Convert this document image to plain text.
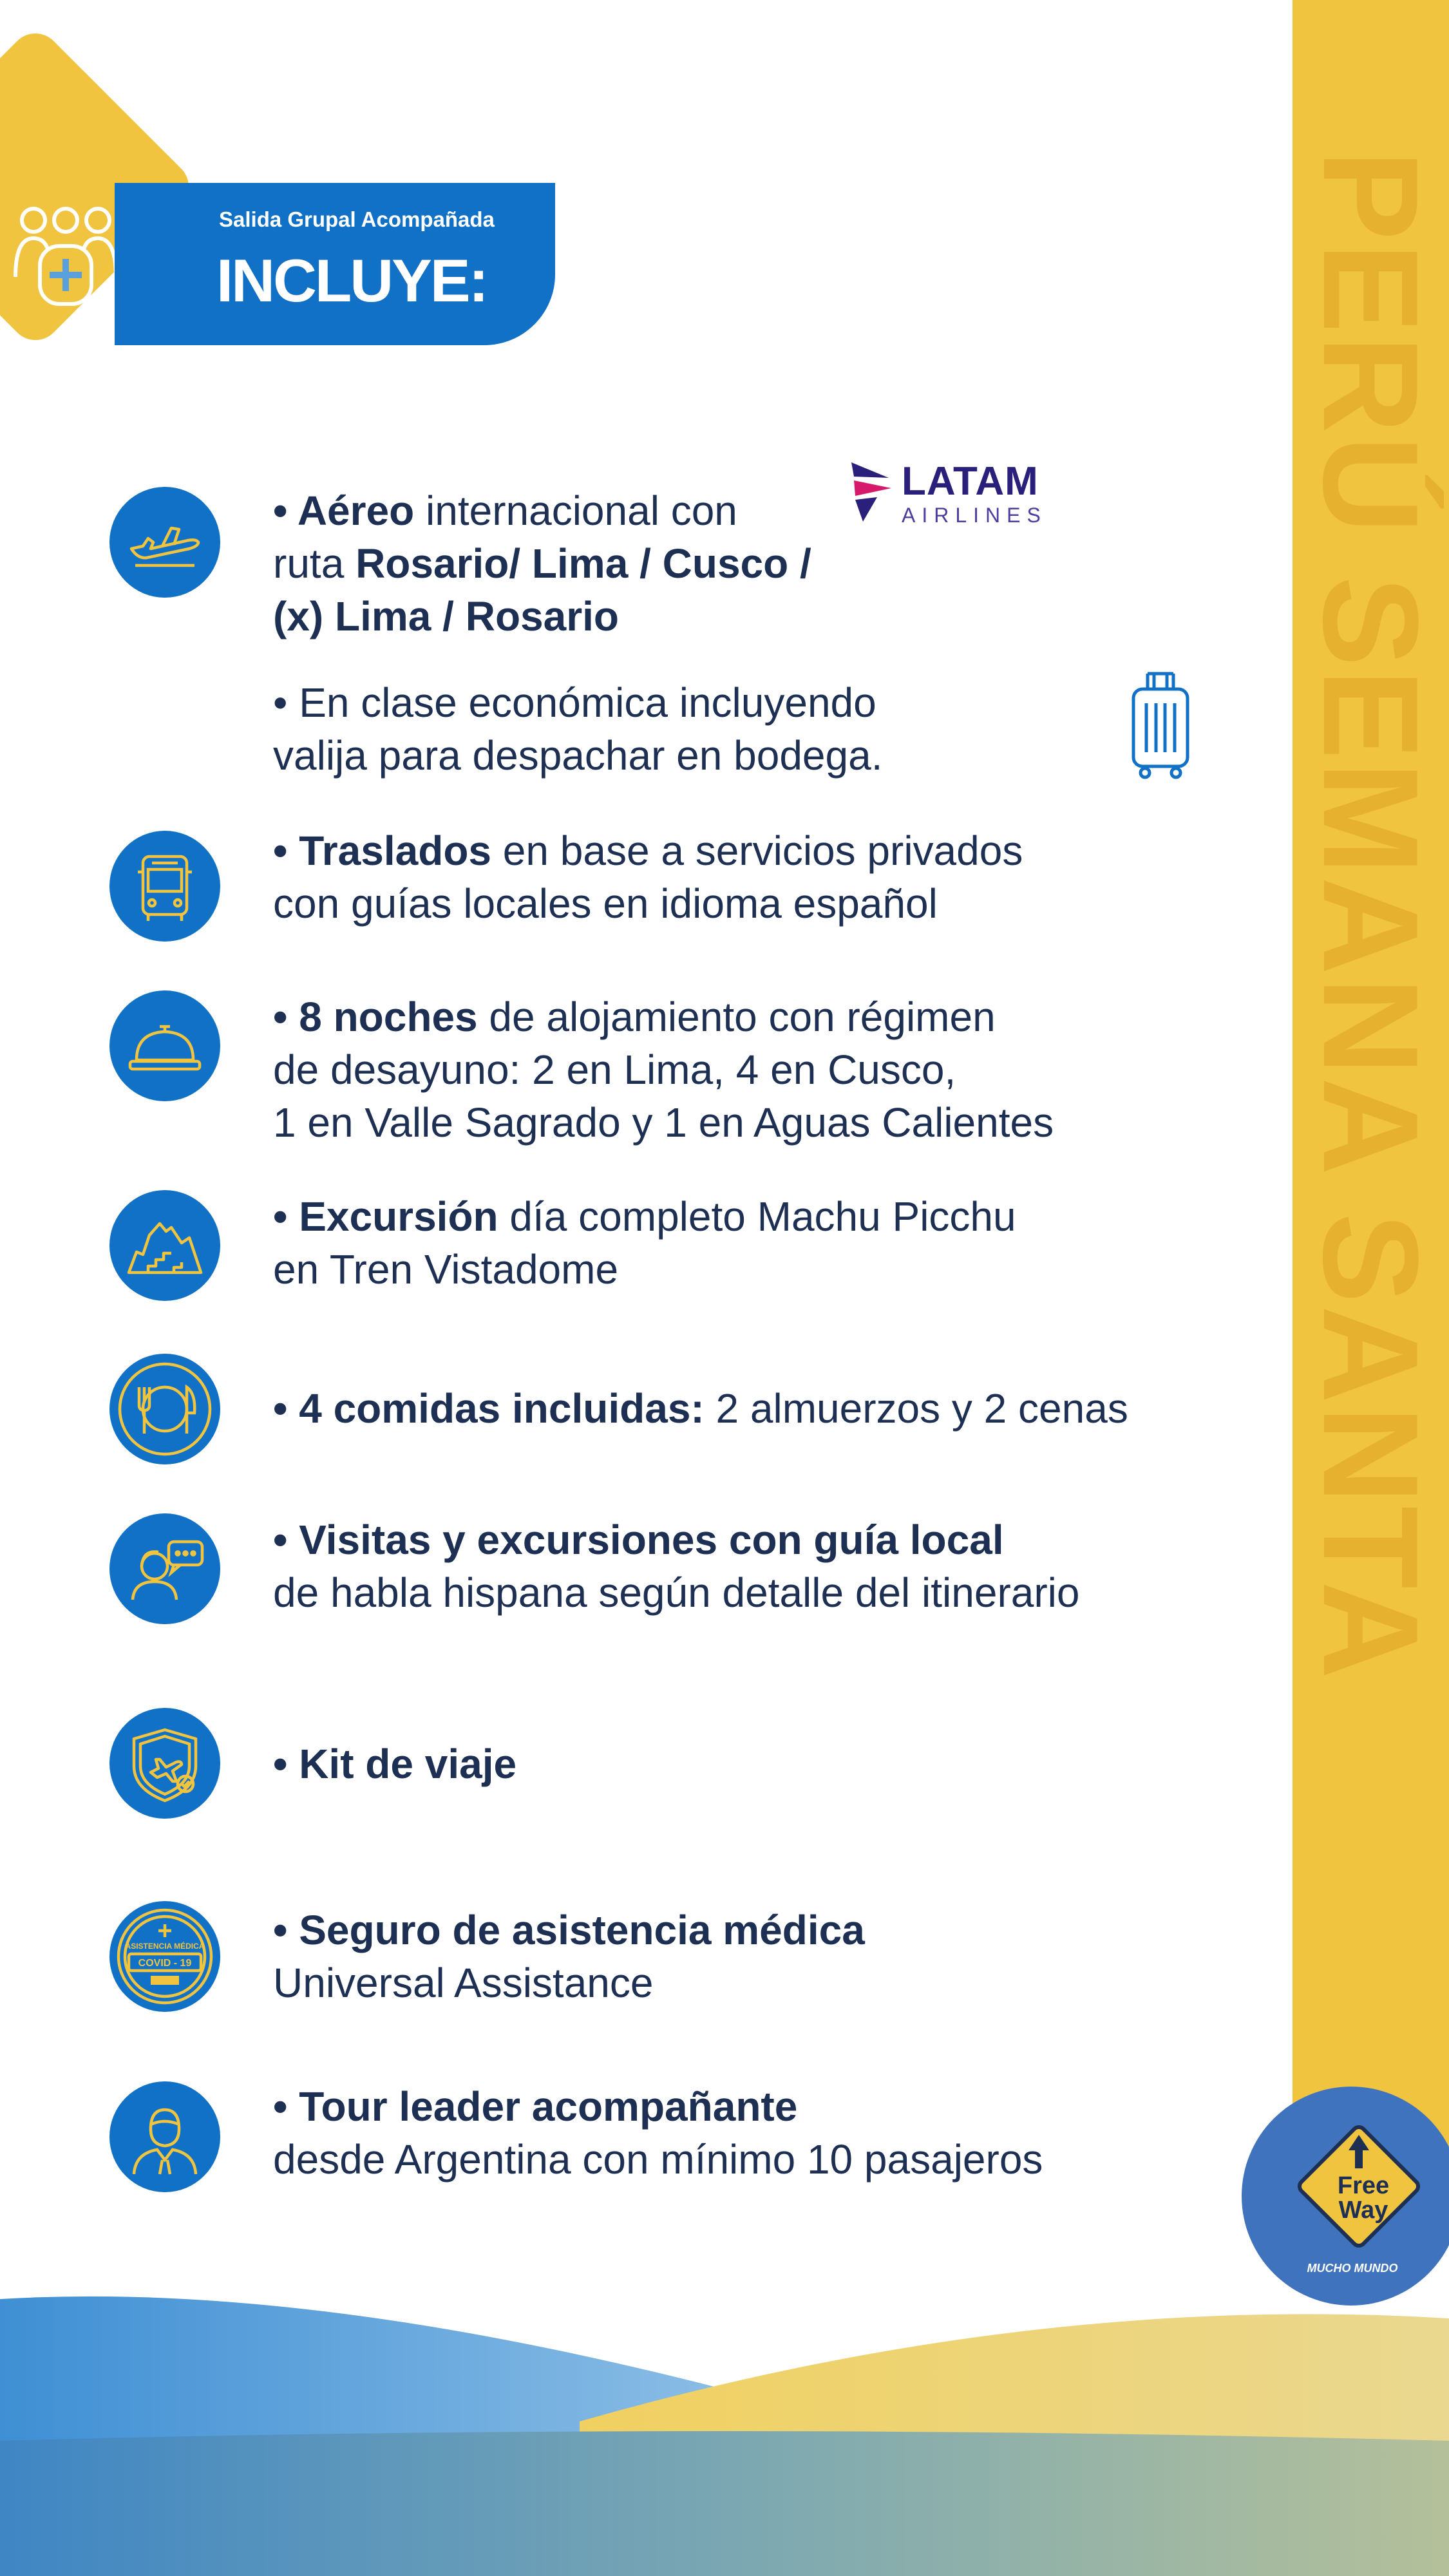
PERÚ SEMANA SANTA
Salida Grupal Acompañada
INCLUYE:
LATAM
AIRLINES
• Aéreo internacional con
ruta Rosario/ Lima / Cusco /
(x) Lima / Rosario
• En clase económica incluyendo
valija para despachar en bodega.
• Traslados en base a servicios privados
con guías locales en idioma español
• 8 noches de alojamiento con régimen
de desayuno: 2 en Lima, 4 en Cusco,
1 en Valle Sagrado y 1 en Aguas Calientes
• Excursión día completo Machu Picchu
en Tren Vistadome
• 4 comidas incluidas: 2 almuerzos y 2 cenas
• Visitas y excursiones con guía local
de habla hispana según detalle del itinerario
• Kit de viaje
ASISTENCIA MÉDICA
COVID - 19
• Seguro de asistencia médica
Universal Assistance
• Tour leader acompañante
desde Argentina con mínimo 10 pasajeros
Free
Way
MUCHO MUNDO
